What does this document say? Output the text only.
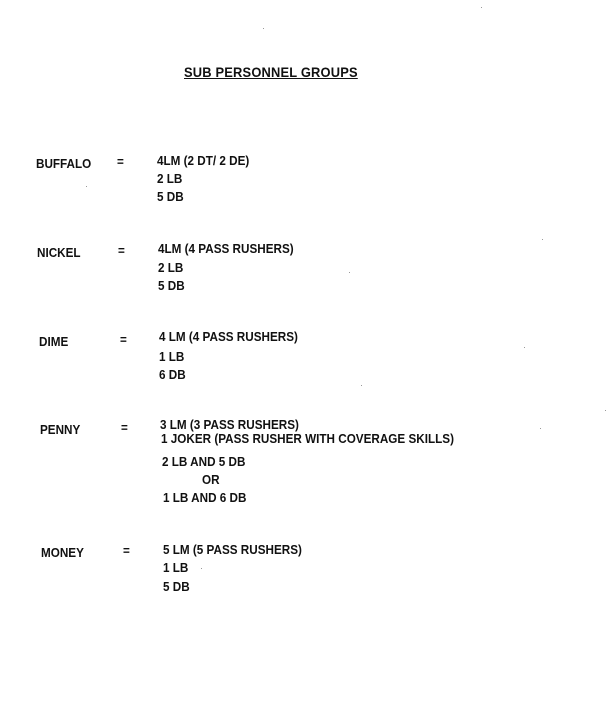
SUB PERSONNEL GROUPS
BUFFALO =	4LM (2 DT/ 2 DE)
2 LB
5 DB
NICKEL	=	4LM (4 PASS RUSHERS)
2 LB
5 DB
DIME	= 4 LM (4 PASS RUSHERS)
1 LB
6 DB
PENNY	= 3 LM (3 PASS RUSHERS)
1 JOKER (PASS RUSHER WITH COVERAGE SKILLS)
2 LB AND 5 DB
OR
1 LB AND 6 DB
MONEY	=	5 LM (5 PASS RUSHERS)
1 LB
5 DB
